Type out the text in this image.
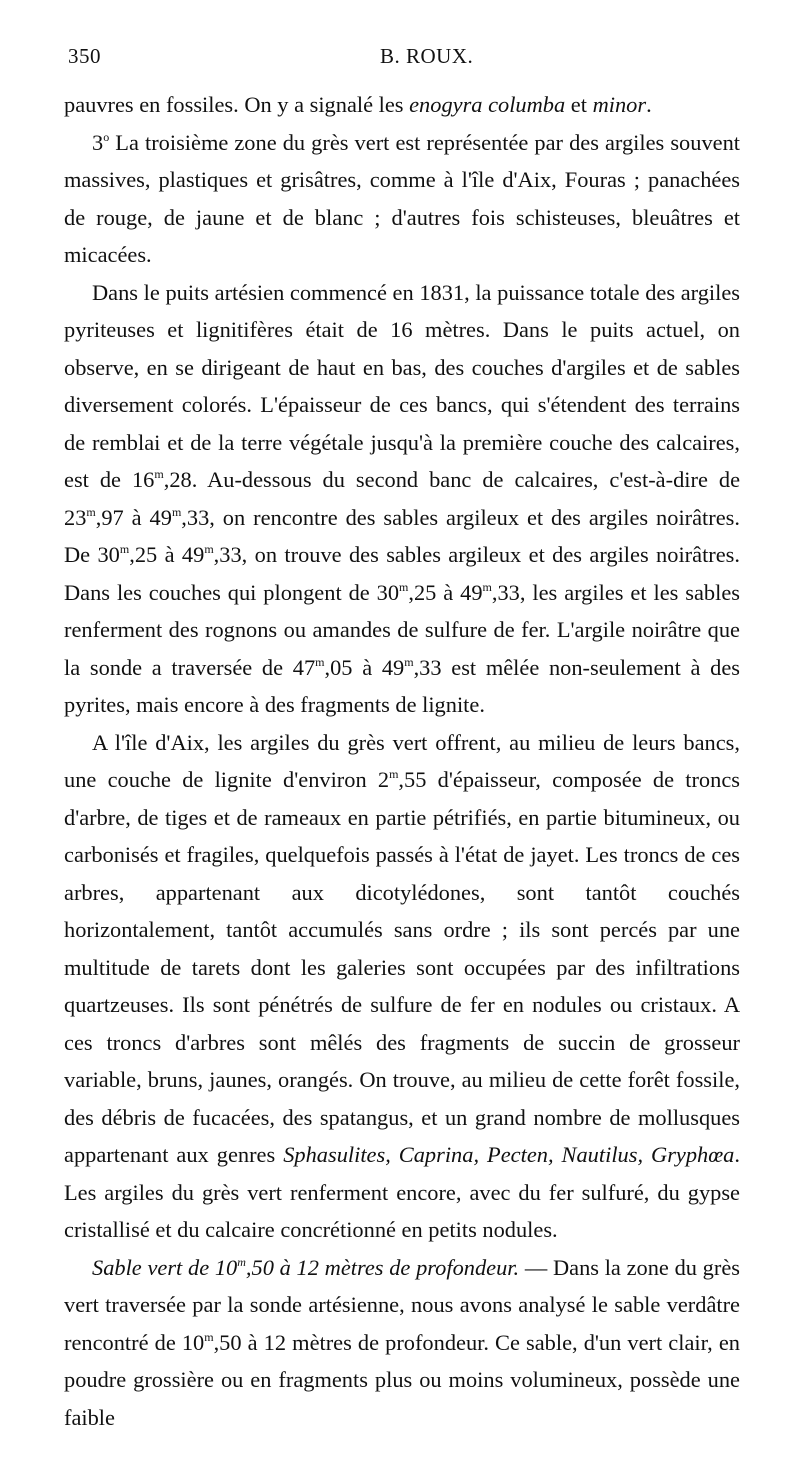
350	B. ROUX.

pauvres en fossiles. On y a signalé les enogyra columba et minor.

3$^o$ La troisième zone du grès vert est représentée par des argiles souvent massives, plastiques et grisâtres, comme à l'île d'Aix, Fouras ; panachées de rouge, de jaune et de blanc ; d'autres fois schisteuses, bleuâtres et micacées.

Dans le puits artésien commencé en 1831, la puissance totale des argiles pyriteuses et lignitifères était de 16 mètres. Dans le puits actuel, on observe, en se dirigeant de haut en bas, des couches d'argiles et de sables diversement colorés. L'épaisseur de ces bancs, qui s'étendent des terrains de remblai et de la terre végétale jusqu'à la première couche des calcaires, est de 16$^m$,28. Au-dessous du second banc de calcaires, c'est-à-dire de 23$^m$,97 à 49$^m$,33, on rencontre des sables argileux et des argiles noirâtres. De 30$^m$,25 à 49$^m$,33, on trouve des sables argileux et des argiles noirâtres. Dans les couches qui plongent de 30$^m$,25 à 49$^m$,33, les argiles et les sables renferment des rognons ou amandes de sulfure de fer. L'argile noirâtre que la sonde a traversée de 47$^m$,05 à 49$^m$,33 est mêlée non-seulement à des pyrites, mais encore à des fragments de lignite.

A l'île d'Aix, les argiles du grès vert offrent, au milieu de leurs bancs, une couche de lignite d'environ 2$^m$,55 d'épaisseur, composée de troncs d'arbre, de tiges et de rameaux en partie pétrifiés, en partie bitumineux, ou carbonisés et fragiles, quelquefois passés à l'état de jayet. Les troncs de ces arbres, appartenant aux dicotylédones, sont tantôt couchés horizontalement, tantôt accumulés sans ordre ; ils sont percés par une multitude de tarets dont les galeries sont occupées par des infiltrations quartzeuses. Ils sont pénétrés de sulfure de fer en nodules ou cristaux. A ces troncs d'arbres sont mêlés des fragments de succin de grosseur variable, bruns, jaunes, orangés. On trouve, au milieu de cette forêt fossile, des débris de fucacées, des spatangus, et un grand nombre de mollusques appartenant aux genres Sphasulites, Caprina, Pecten, Nautilus, Gryphœa. Les argiles du grès vert renferment encore, avec du fer sulfuré, du gypse cristallisé et du calcaire concrétionné en petits nodules.

Sable vert de 10$^m$,50 à 12 mètres de profondeur. — Dans la zone du grès vert traversée par la sonde artésienne, nous avons analysé le sable verdâtre rencontré de 10$^m$,50 à 12 mètres de profondeur. Ce sable, d'un vert clair, en poudre grossière ou en fragments plus ou moins volumineux, possède une faible
